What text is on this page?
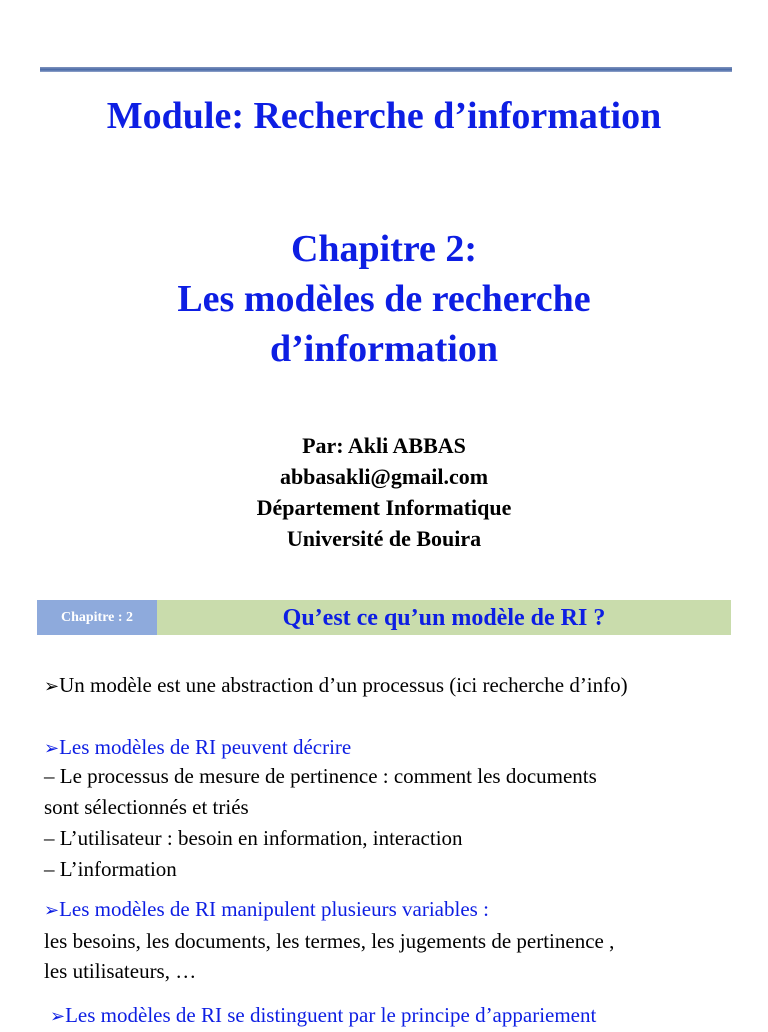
Module: Recherche d’information
Chapitre 2:
Les modèles de recherche
d’information
Par: Akli ABBAS
abbasakli@gmail.com
Département Informatique
Université de Bouira
Chapitre : 2	Qu’est ce qu’un modèle de RI ?

➢Un modèle est une abstraction d’un processus (ici recherche d’info)

➢Les modèles de RI peuvent décrire

– Le processus de mesure de pertinence : comment les documents

sont sélectionnés et triés

– L’utilisateur : besoin en information, interaction

– L’information

➢Les modèles de RI manipulent plusieurs variables :

les besoins, les documents, les termes, les jugements de pertinence ,

les utilisateurs, …

➢Les modèles de RI se distinguent par le principe d’appariement
